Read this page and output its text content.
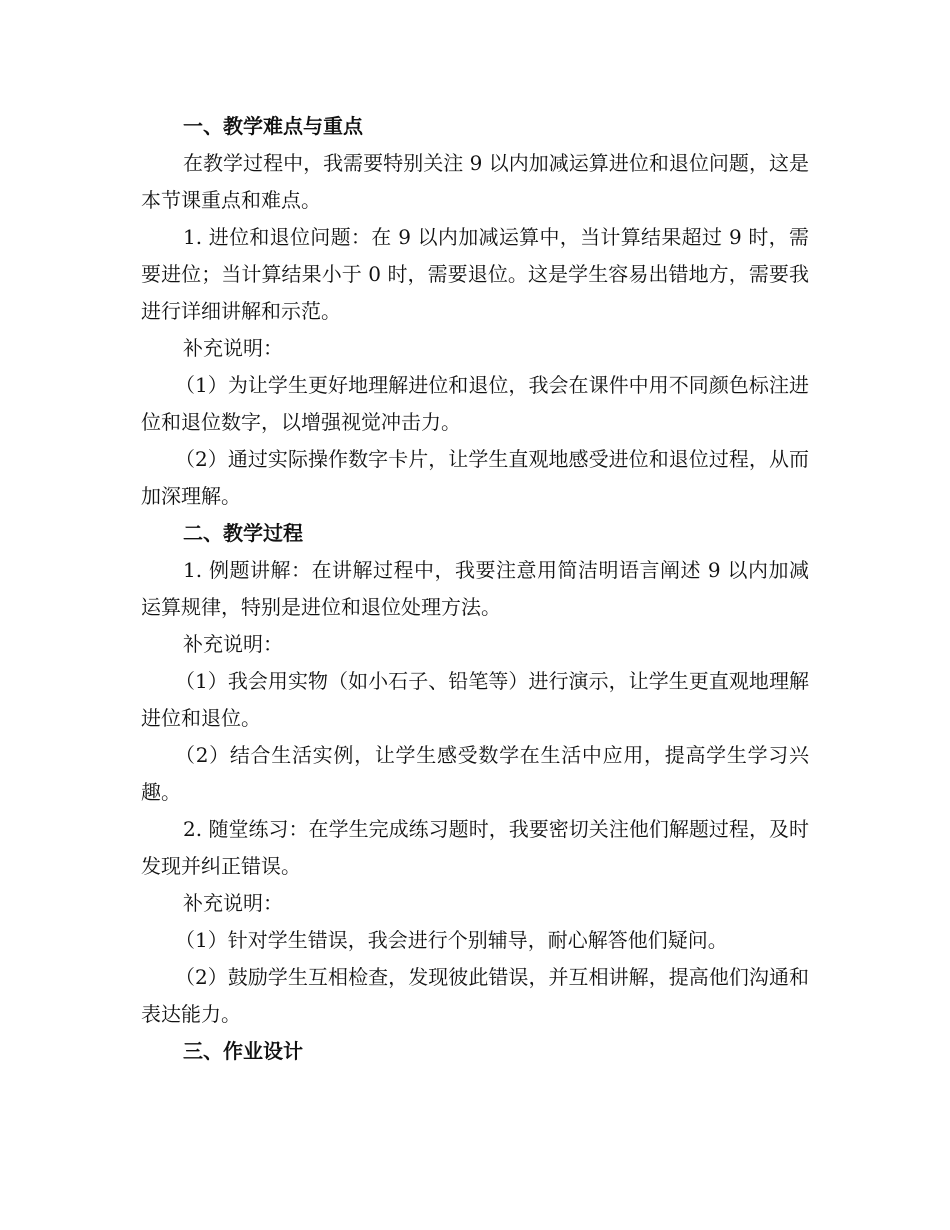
一、教学难点与重点

在教学过程中，我需要特别关注 9 以内加减运算进位和退位问题，这是本节课重点和难点。

1. 进位和退位问题：在 9 以内加减运算中，当计算结果超过 9 时，需要进位；当计算结果小于 0 时，需要退位。这是学生容易出错地方，需要我进行详细讲解和示范。

补充说明：

（1）为让学生更好地理解进位和退位，我会在课件中用不同颜色标注进位和退位数字，以增强视觉冲击力。

（2）通过实际操作数字卡片，让学生直观地感受进位和退位过程，从而加深理解。

二、教学过程

1. 例题讲解：在讲解过程中，我要注意用简洁明语言阐述 9 以内加减运算规律，特别是进位和退位处理方法。

补充说明：

（1）我会用实物（如小石子、铅笔等）进行演示，让学生更直观地理解进位和退位。

（2）结合生活实例，让学生感受数学在生活中应用，提高学生学习兴趣。

2. 随堂练习：在学生完成练习题时，我要密切关注他们解题过程，及时发现并纠正错误。

补充说明：

（1）针对学生错误，我会进行个别辅导，耐心解答他们疑问。

（2）鼓励学生互相检查，发现彼此错误，并互相讲解，提高他们沟通和表达能力。

三、作业设计
